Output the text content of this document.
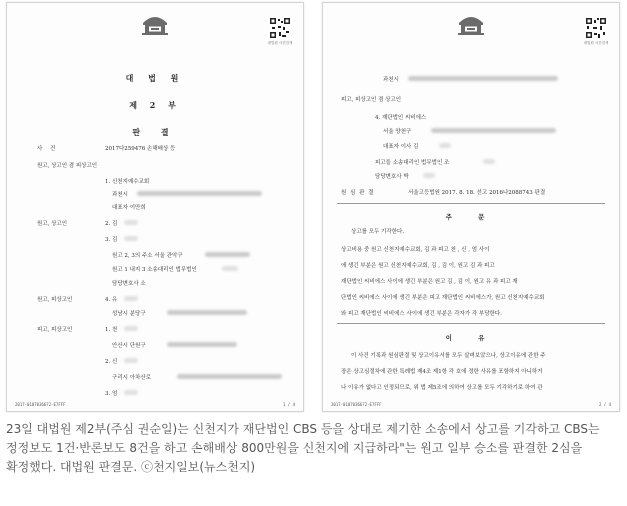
대법원 사건검색
대 법 원
제 2 부
판 결
사 건	2017다259476 손해배상 등
원고, 상고인 겸 피상고인
1. 신천지예수교회
과천시
대표자 이만희
원고, 상고인	2. 김
3. 김
원고 2, 3의 주소 서울 관악구
원고 1 내지 3 소송대리인 법무법인
담당변호사 소
원고, 피상고인	4. 유
성남시 분당구
피고, 피상고인	1. 천
안산시 단원구
2. 신
구리시 아차산로
3. 엄
2017-0107036672-E7FFF	1 / 4
대법원 사건검색
과천시
피고, 피상고인 겸 상고인
4. 재단법인 씨비에스
서울 양천구
대표자 이사 김
피고들 소송대리인 법무법인 조
담당변호사 박
원 심 판 결	서울고등법원 2017. 8. 18. 선고 2016나2088743 판결
주 문
상고를 모두 기각한다.
상고비용 중 원고 신천지예수교회, 김 과 피고 천 , 신 , 엄 사이
에 생긴 부분은 원고 신천지예수교회, 김 , 김 이, 원고 김 과 피고
재단법인 씨비에스 사이에 생긴 부분은 원고 김 , 김 이, 원고 유 과 피고 재
단법인 씨비에스 사이에 생긴 부분은 피고 재단법인 씨비에스가, 원고 신천지예수교회
와 피고 재단법인 씨비에스 사이에 생긴 부분은 각자가 각 부담한다.
이 유
이 사건 기록과 원심판결 및 상고이유서를 모두 살펴보았으나, 상고이유에 관한 주
장은 상고심절차에 관한 특례법 제4조 제1항 각 호에 정한 사유를 포함하지 아니하거
나 이유가 없다고 인정되므로, 위 법 제5조에 의하여 상고를 모두 기각하기로 하여 관
2017-0107036672-E7FFF	2 / 4
23일 대법원 제2부(주심 권순일)는 신천지가 재단법인 CBS 등을 상대로 제기한 소송에서 상고를 기각하고 CBS는 정정보도 1건·반론보도 8건을 하고 손해배상 800만원을 신천지에 지급하라"는 원고 일부 승소를 판결한 2심을 확정했다. 대법원 판결문. ⓒ천지일보(뉴스천지)
